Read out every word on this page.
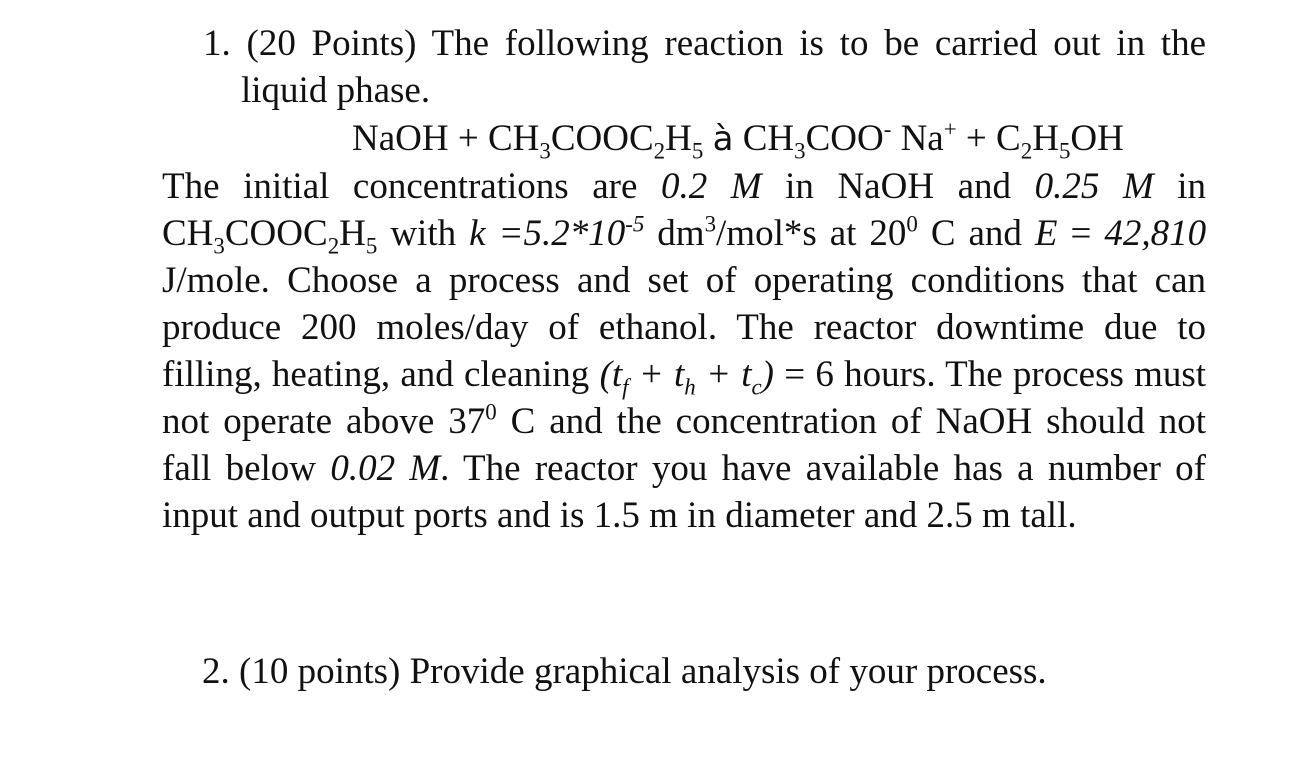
1. (20 Points) The following reaction is to be carried out in the liquid phase.
NaOH + $CH_3COOC_2H_5$ à $CH_3COO^-$ $Na^+ + C_2H_5OH$
The initial concentrations are 0.2 M in NaOH and 0.25 M in $CH_3COOC_2H_5$ with $k =5.2*10^{-5}$ $dm^3/mol*s$ at $20^0$ C and E = 42,810 J/mole. Choose a process and set of operating conditions that can produce 200 moles/day of ethanol. The reactor downtime due to filling, heating, and cleaning $(t_f + t_h + t_c) = 6$ hours. The process must not operate above $37^0$ C and the concentration of NaOH should not fall below 0.02 M. The reactor you have available has a number of input and output ports and is 1.5 m in diameter and 2.5 m tall.
2. (10 points) Provide graphical analysis of your process.
